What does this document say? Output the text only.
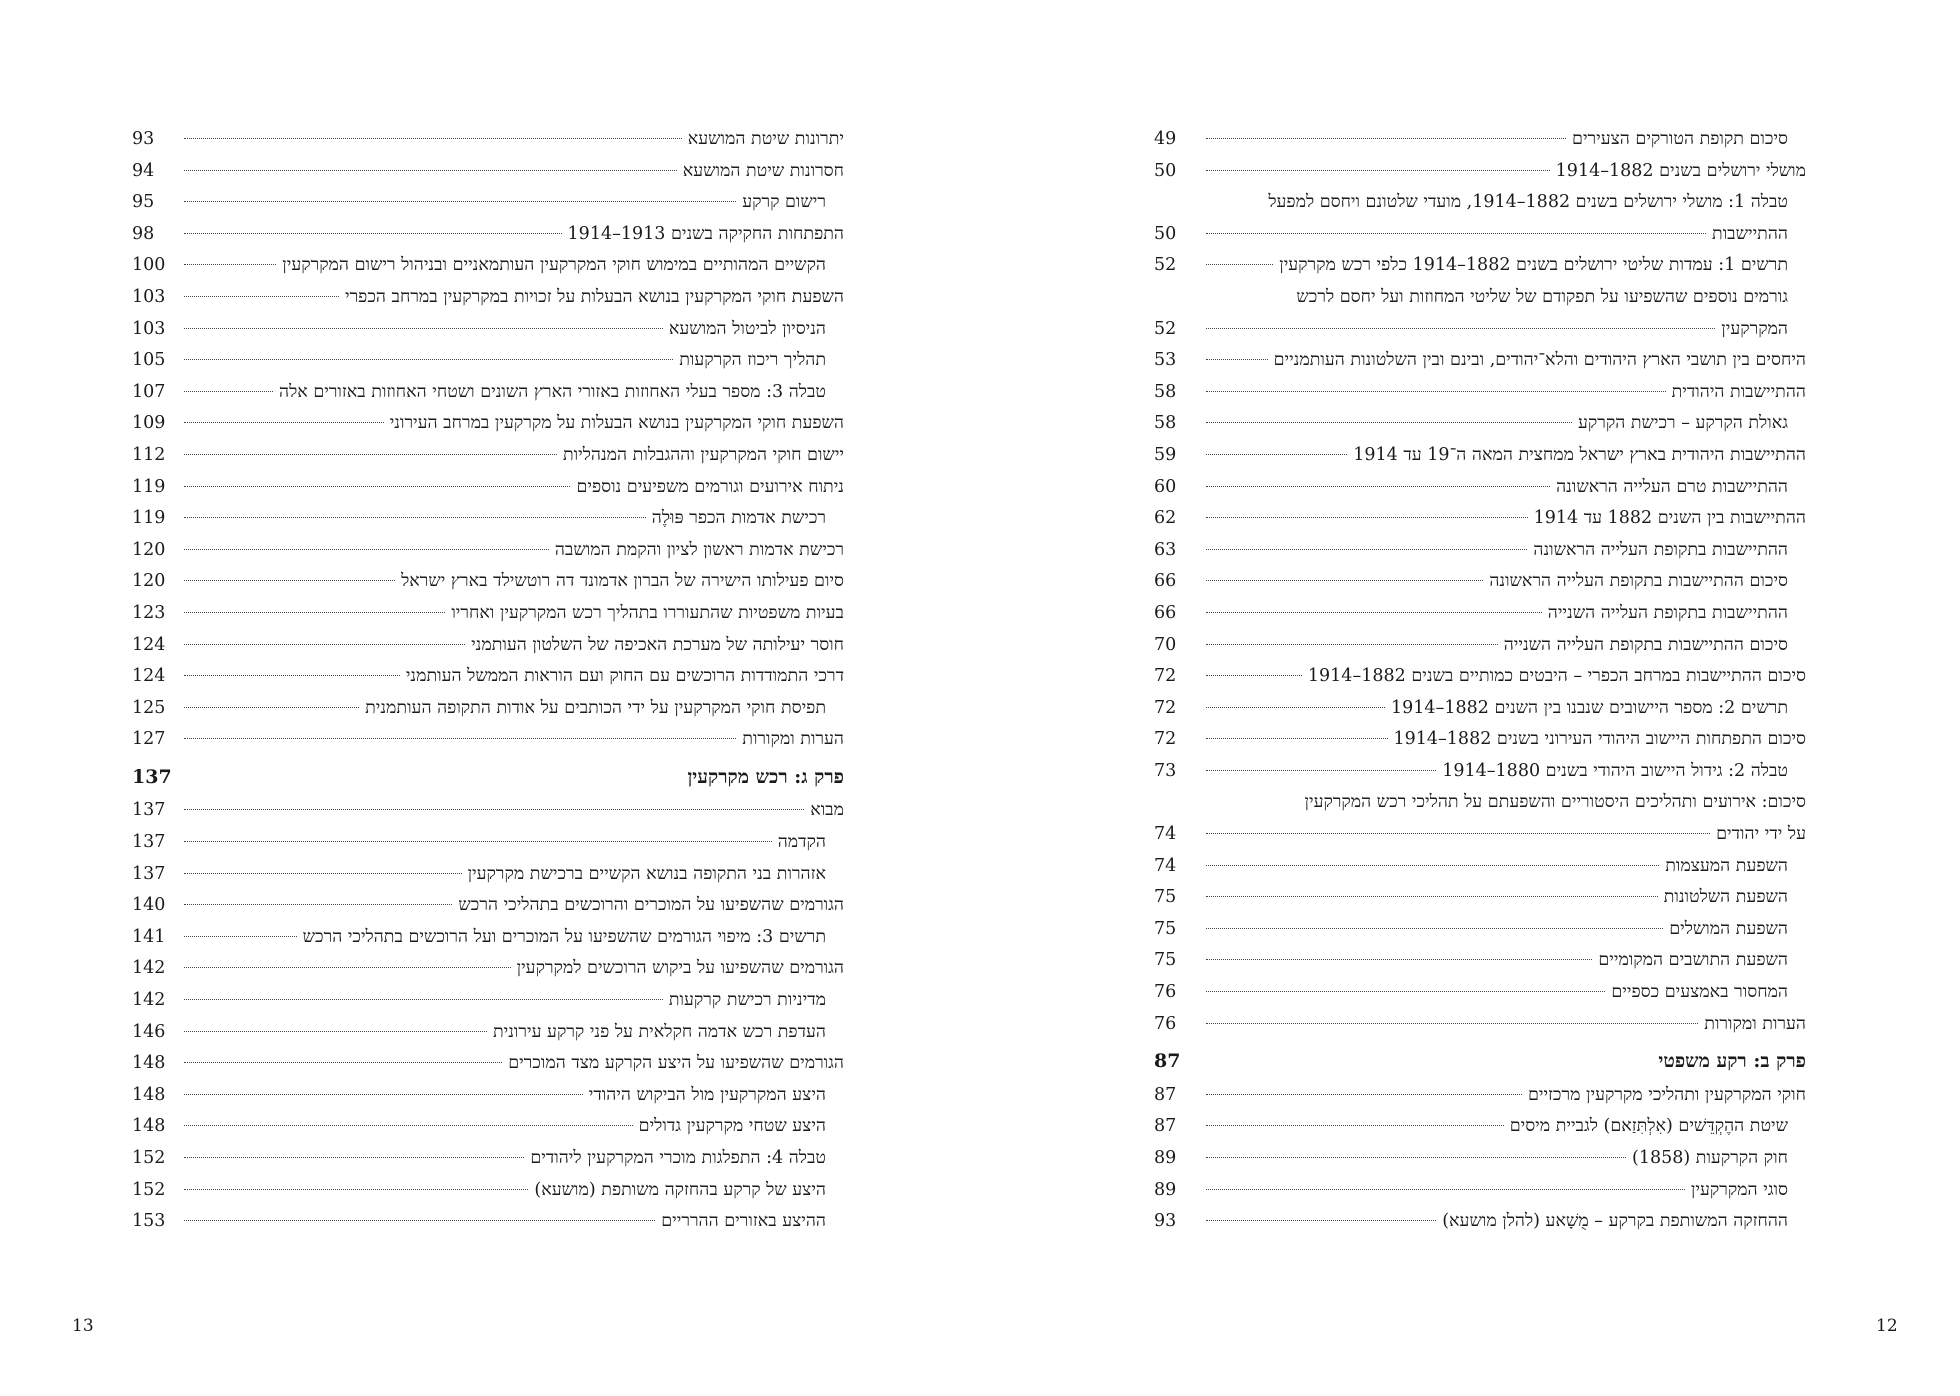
יתרונות שיטת המושעא
93
חסרונות שיטת המושעא
94
רישום קרקע
95
התפתחות החקיקה בשנים 1913–1914
98
הקשיים המהותיים במימוש חוקי המקרקעין העותמאניים ובניהול רישום המקרקעין
100
השפעת חוקי המקרקעין בנושא הבעלות על זכויות במקרקעין במרחב הכפרי
103
הניסיון לביטול המושעא
103
תהליך ריכוז הקרקעות
105
טבלה 3: מספר בעלי האחוזות באזורי הארץ השונים ושטחי האחוזות באזורים אלה
107
השפעת חוקי המקרקעין בנושא הבעלות על מקרקעין במרחב העירוני
109
יישום חוקי המקרקעין וההגבלות המנהליות
112
ניתוח אירועים וגורמים משפיעים נוספים
119
רכישת אדמות הכפר פּוּלֶה
119
רכישת אדמות ראשון לציון והקמת המושבה
120
סיום פעילותו הישירה של הברון אדמונד דה רוטשילד בארץ ישראל
120
בעיות משפטיות שהתעוררו בתהליך רכש המקרקעין ואחריו
123
חוסר יעילותה של מערכת האכיפה של השלטון העותמני
124
דרכי התמודדות הרוכשים עם החוק ועם הוראות הממשל העותמני
124
תפיסת חוקי המקרקעין על ידי הכותבים על אודות התקופה העותמנית
125
הערות ומקורות
127
פרק ג: רכש מקרקעין
137
מבוא
137
הקדמה
137
אזהרות בני התקופה בנושא הקשיים ברכישת מקרקעין
137
הגורמים שהשפיעו על המוכרים והרוכשים בתהליכי הרכש
140
תרשים 3: מיפוי הגורמים שהשפיעו על המוכרים ועל הרוכשים בתהליכי הרכש
141
הגורמים שהשפיעו על ביקוש הרוכשים למקרקעין
142
מדיניות רכישת קרקעות
142
העדפת רכש אדמה חקלאית על פני קרקע עירונית
146
הגורמים שהשפיעו על היצע הקרקע מצד המוכרים
148
היצע המקרקעין מול הביקוש היהודי
148
היצע שטחי מקרקעין גדולים
148
טבלה 4: התפלגות מוכרי המקרקעין ליהודים
152
היצע של קרקע בהחזקה משותפת (מושעא)
152
ההיצע באזורים ההרריים
153
13
סיכום תקופת הטורקים הצעירים
49
מושלי ירושלים בשנים 1882–1914
50
טבלה 1: מושלי ירושלים בשנים 1882–1914, מועדי שלטונם ויחסם למפעל
ההתיישבות
50
תרשים 1: עמדות שליטי ירושלים בשנים 1882–1914 כלפי רכש מקרקעין
52
גורמים נוספים שהשפיעו על תפקודם של שליטי המחוזות ועל יחסם לרכש
המקרקעין
52
היחסים בין תושבי הארץ היהודים והלא־יהודים, ובינם ובין השלטונות העותמניים
53
ההתיישבות היהודית
58
גאולת הקרקע – רכישת הקרקע
58
ההתיישבות היהודית בארץ ישראל ממחצית המאה ה־19 עד 1914
59
ההתיישבות טרם העלייה הראשונה
60
ההתיישבות בין השנים 1882 עד 1914
62
ההתיישבות בתקופת העלייה הראשונה
63
סיכום ההתיישבות בתקופת העלייה הראשונה
66
ההתיישבות בתקופת העלייה השנייה
66
סיכום ההתיישבות בתקופת העלייה השנייה
70
סיכום ההתיישבות במרחב הכפרי – היבטים כמותיים בשנים 1882–1914
72
תרשים 2: מספר היישובים שנבנו בין השנים 1882–1914
72
סיכום התפתחות היישוב היהודי העירוני בשנים 1882–1914
72
טבלה 2: גידול היישוב היהודי בשנים 1880–1914
73
סיכום: אירועים ותהליכים היסטוריים והשפעתם על תהליכי רכש המקרקעין
על ידי יהודים
74
השפעת המעצמות
74
השפעת השלטונות
75
השפעת המושלים
75
השפעת התושבים המקומיים
75
המחסור באמצעים כספיים
76
הערות ומקורות
76
פרק ב: רקע משפטי
87
חוקי המקרקעין ותהליכי מקרקעין מרכזיים
87
שיטת ההֶקְדֵּשׁים (אִלְתִּזַאם) לגביית מיסים
87
חוק הקרקעות (1858)
89
סוגי המקרקעין
89
ההחזקה המשותפת בקרקע – מֻשָׁאע (להלן מושעא)
93
12
